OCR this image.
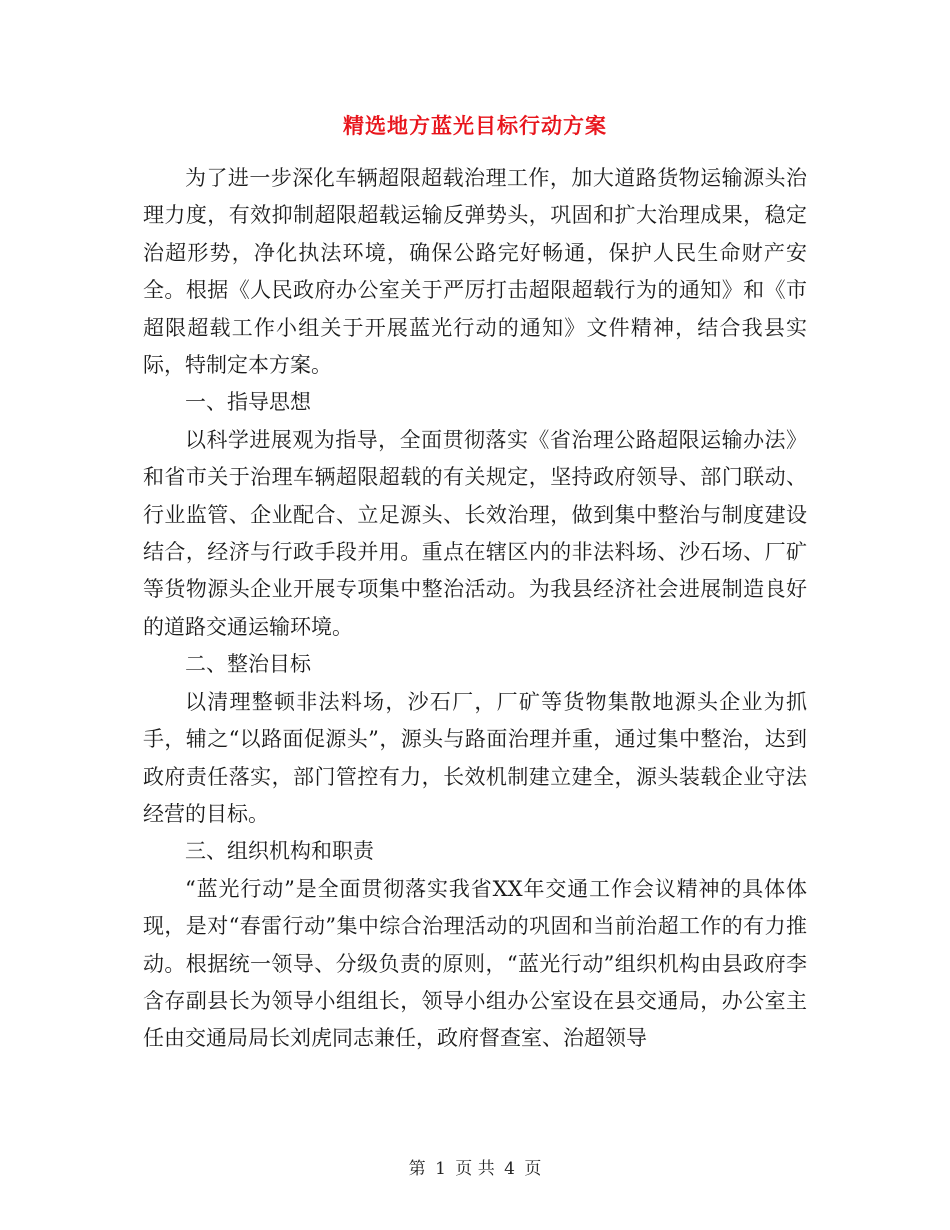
精选地方蓝光目标行动方案

为了进一步深化车辆超限超载治理工作，加大道路货物运输源头治理力度，有效抑制超限超载运输反弹势头，巩固和扩大治理成果，稳定治超形势，净化执法环境，确保公路完好畅通，保护人民生命财产安全。根据《人民政府办公室关于严厉打击超限超载行为的通知》和《市超限超载工作小组关于开展蓝光行动的通知》文件精神，结合我县实际，特制定本方案。

一、指导思想

以科学进展观为指导，全面贯彻落实《省治理公路超限运输办法》和省市关于治理车辆超限超载的有关规定，坚持政府领导、部门联动、行业监管、企业配合、立足源头、长效治理，做到集中整治与制度建设结合，经济与行政手段并用。重点在辖区内的非法料场、沙石场、厂矿等货物源头企业开展专项集中整治活动。为我县经济社会进展制造良好的道路交通运输环境。

二、整治目标

以清理整顿非法料场，沙石厂，厂矿等货物集散地源头企业为抓手，辅之“以路面促源头”，源头与路面治理并重，通过集中整治，达到政府责任落实，部门管控有力，长效机制建立建全，源头装载企业守法经营的目标。

三、组织机构和职责

“蓝光行动”是全面贯彻落实我省XX年交通工作会议精神的具体体现，是对“春雷行动”集中综合治理活动的巩固和当前治超工作的有力推动。根据统一领导、分级负责的原则，“蓝光行动”组织机构由县政府李含存副县长为领导小组组长，领导小组办公室设在县交通局，办公室主任由交通局局长刘虎同志兼任，政府督查室、治超领导

第 1 页 共 4 页
